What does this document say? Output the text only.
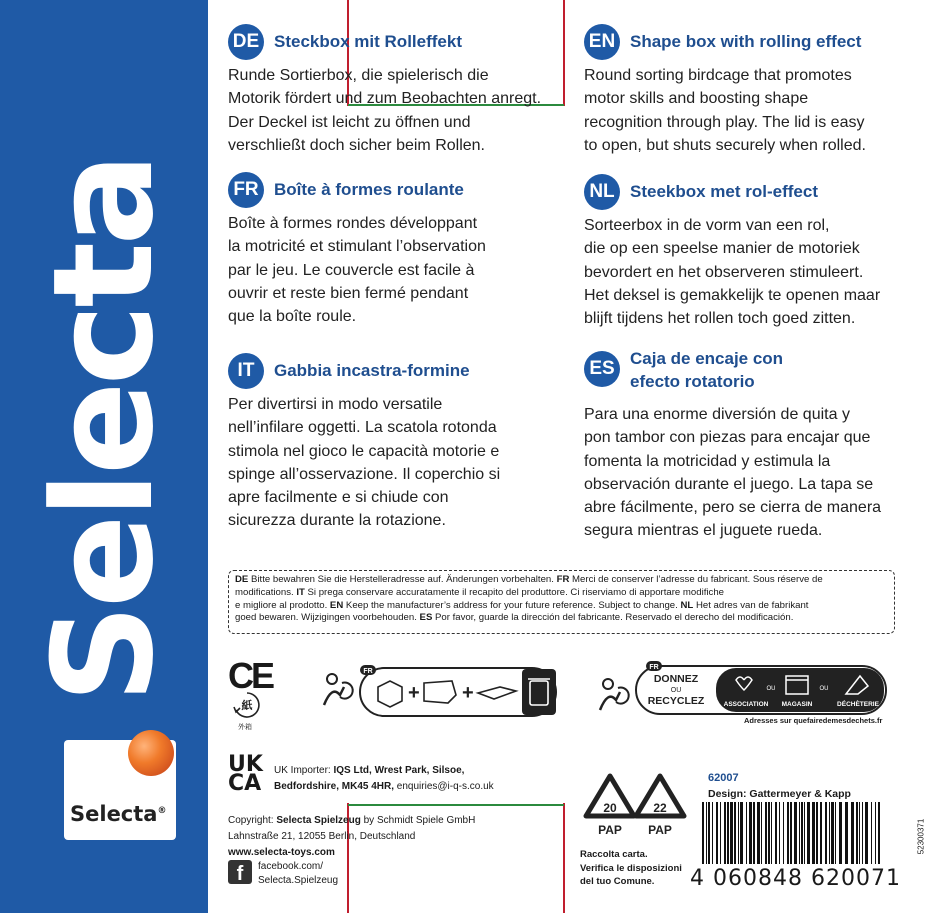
Selecta
Selecta®
DE Steckbox mit Rolleffekt
Runde Sortierbox, die spielerisch die
Motorik fördert und zum Beobachten anregt.
Der Deckel ist leicht zu öffnen und
verschließt doch sicher beim Rollen.
EN Shape box with rolling effect
Round sorting birdcage that promotes
motor skills and boosting shape
recognition through play. The lid is easy
to open, but shuts securely when rolled.
FR Boîte à formes roulante
Boîte à formes rondes développant
la motricité et stimulant l’observation
par le jeu. Le couvercle est facile à
ouvrir et reste bien fermé pendant
que la boîte roule.
NL Steekbox met rol-effect
Sorteerbox in de vorm van een rol,
die op een speelse manier de motoriek
bevordert en het observeren stimuleert.
Het deksel is gemakkelijk te openen maar
blijft tijdens het rollen toch goed zitten.
IT	Gabbia incastra-formine
Per divertirsi in modo versatile
nell’infilare oggetti. La scatola rotonda
stimola nel gioco le capacità motorie e
spinge all’osservazione. Il coperchio si
apre facilmente e si chiude con
sicurezza durante la rotazione.
ES Caja de encaje con
efecto rotatorio
Para una enorme diversión de quita y
pon tambor con piezas para encajar que
fomenta la motricidad y estimula la
observación durante el juego. La tapa se
abre fácilmente, pero se cierra de manera
segura mientras el juguete rueda.
DE Bitte bewahren Sie die Herstelleradresse auf. Änderungen vorbehalten. FR Merci de conserver l’adresse du fabricant. Sous réserve de
modifications. IT Si prega conservare accuratamente il recapito del produttore. Ci riserviamo di apportare modifiche
e migliore al prodotto. EN Keep the manufacturer’s address for your future reference. Subject to change. NL Het adres van de fabrikant
goed bewaren. Wijzigingen voorbehouden. ES Por favor, guarde la dirección del fabricante. Reservado el derecho del modificación.
CE
紙
外箱
FR
+ +
FR
DONNEZ
OU
RECYCLEZ	ASSOCIATION
OU
MAGASIN
OU
DÉCHÈTERIE
Adresses sur quefairedemesdechets.fr
UK
CA
UK Importer: IQS Ltd, Wrest Park, Silsoe,
Bedfordshire, MK45 4HR, enquiries@i-q-s.co.uk
Copyright: Selecta Spielzeug by Schmidt Spiele GmbH
Lahnstraße 21, 12055 Berlin, Deutschland
www.selecta-toys.com
f	facebook.com/
Selecta.Spielzeug
20
PAP
22
PAP
Raccolta carta.
Verifica le disposizioni
del tuo Comune.
62007
Design: Gattermeyer & Kapp
4 060848 620071
52300371
